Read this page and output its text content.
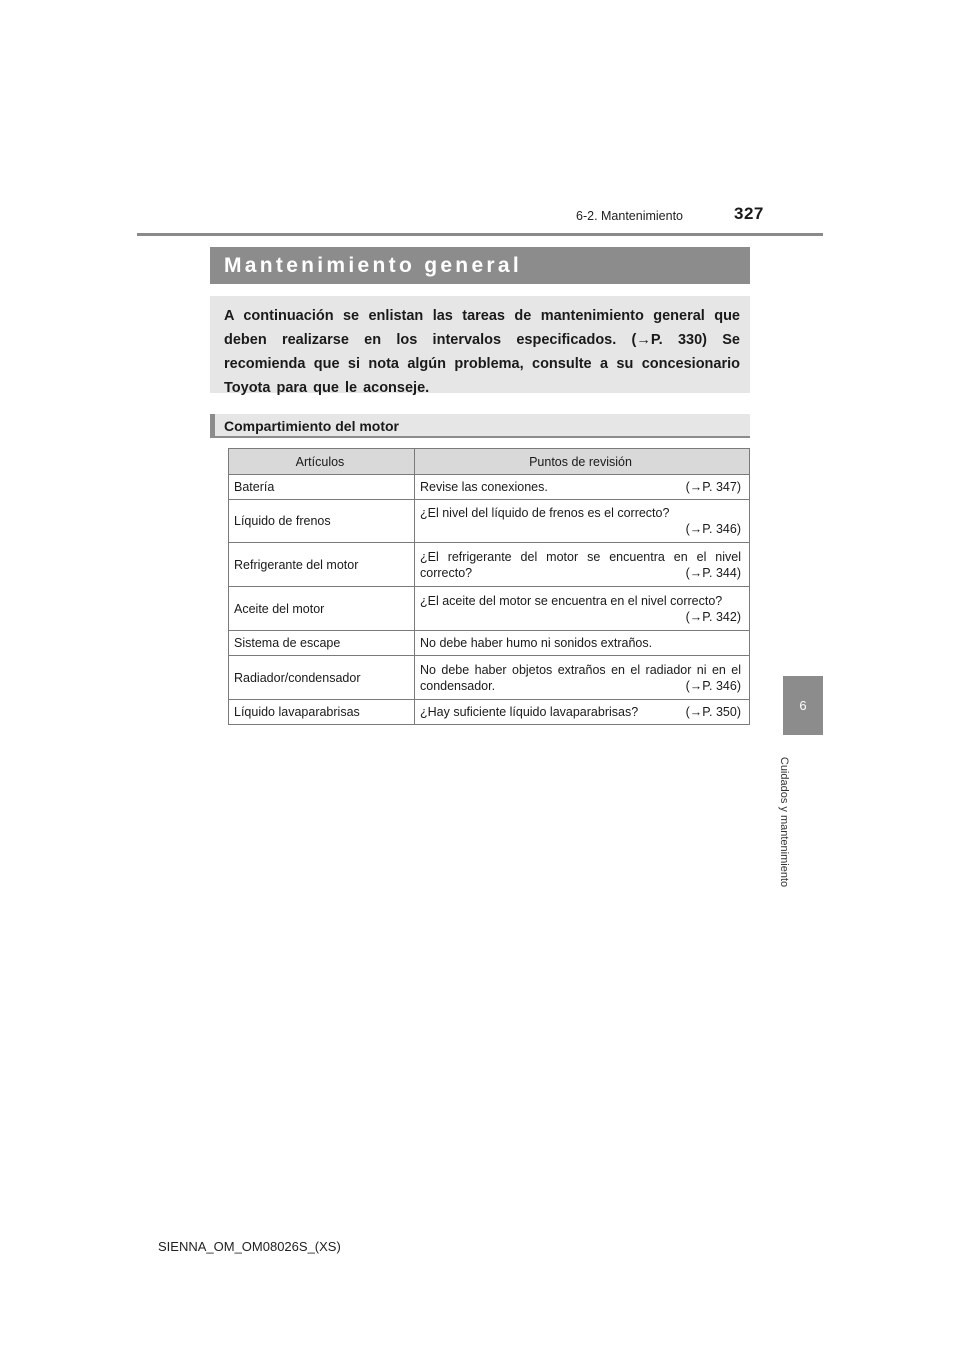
327
6-2. Mantenimiento
6
Cuidados y mantenimiento
Mantenimiento general

A continuación se enlistan las tareas de mantenimiento general que deben realizarse en los intervalos especificados. (→P. 330) Se recomienda que si nota algún problema, consulte a su concesionario Toyota para que le aconseje.

Compartimiento del motor
Artículos	Puntos de revisión
Batería	Revise las conexiones. (→P. 347)

Líquido de frenos	¿El nivel del líquido de frenos es el correcto?
(→P. 346)

Refrigerante del motor	¿El refrigerante del motor se encuentra en el nivel correcto? (→P. 344)

Aceite del motor	¿El aceite del motor se encuentra en el nivel correcto?
(→P. 342)

Sistema de escape	No debe haber humo ni sonidos extraños.
Radiador/condensador	No debe haber objetos extraños en el radiador ni en el condensador. (→P. 346)

Líquido lavaparabrisas	¿Hay suficiente líquido lavaparabrisas? (→P. 350)
SIENNA_OM_OM08026S_(XS)
